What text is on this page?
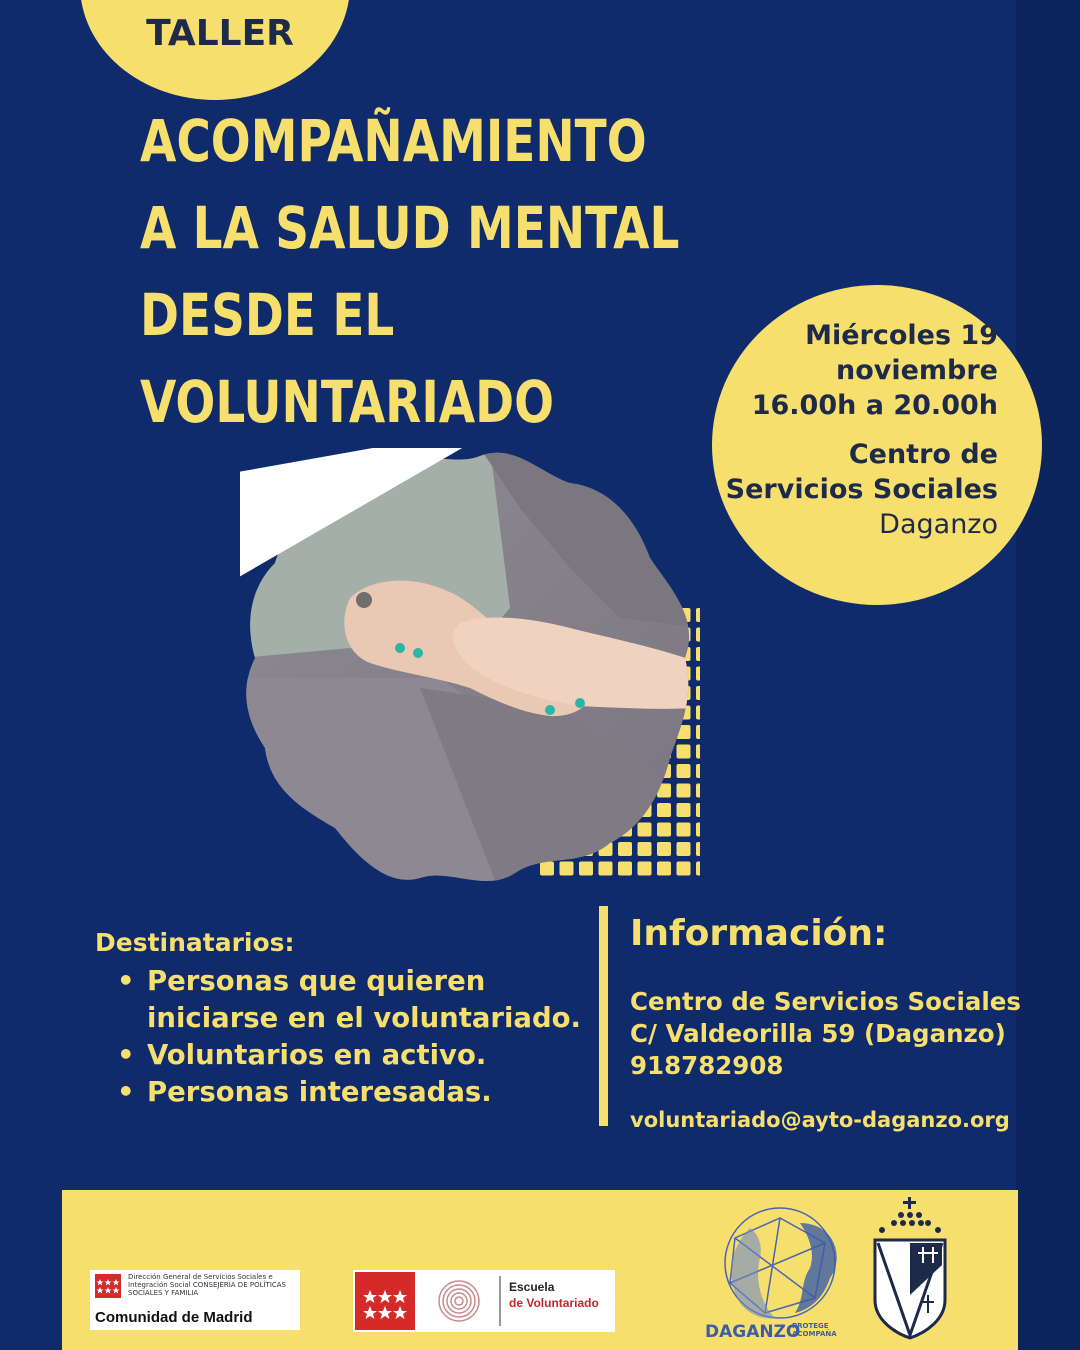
TALLER
ACOMPAÑAMIENTO
A LA SALUD MENTAL
DESDE EL
VOLUNTARIADO
Miércoles 19
noviembre
16.00h a 20.00h
Centro de
Servicios Sociales
Daganzo
Destinatarios:
• Personas que quieren
iniciarse en el voluntariado.
• Voluntarios en activo.
• Personas interesadas.
Información:
Centro de Servicios Sociales
C/ Valdeorilla 59 (Daganzo)
918782908
voluntariado@ayto-daganzo.org
Dirección General de Servicios Sociales e Integración Social CONSEJERÍA DE POLÍTICAS SOCIALES Y FAMILIA
Comunidad de Madrid
Escuela
de Voluntariado
DAGANZO
PROTEGE
ACOMPAÑA
